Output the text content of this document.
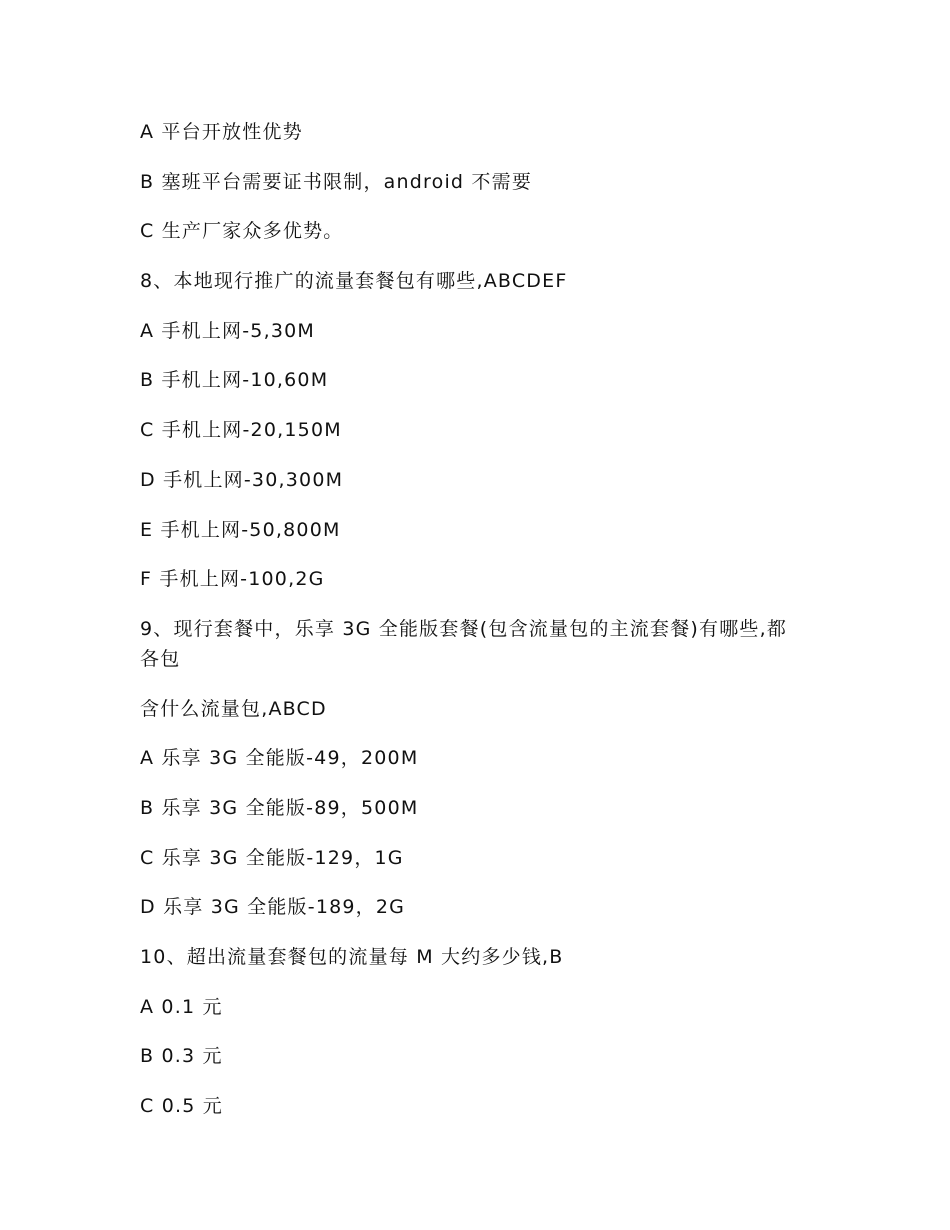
A 平台开放性优势
B 塞班平台需要证书限制，android 不需要
C 生产厂家众多优势。
8、本地现行推广的流量套餐包有哪些,ABCDEF
A 手机上网-5,30M
B 手机上网-10,60M
C 手机上网-20,150M
D 手机上网-30,300M
E 手机上网-50,800M
F 手机上网-100,2G
9、现行套餐中，乐享 3G 全能版套餐(包含流量包的主流套餐)有哪些,都
各包
含什么流量包,ABCD
A 乐享 3G 全能版-49，200M
B 乐享 3G 全能版-89，500M
C 乐享 3G 全能版-129，1G
D 乐享 3G 全能版-189，2G
10、超出流量套餐包的流量每 M 大约多少钱,B
A 0.1 元
B 0.3 元
C 0.5 元
